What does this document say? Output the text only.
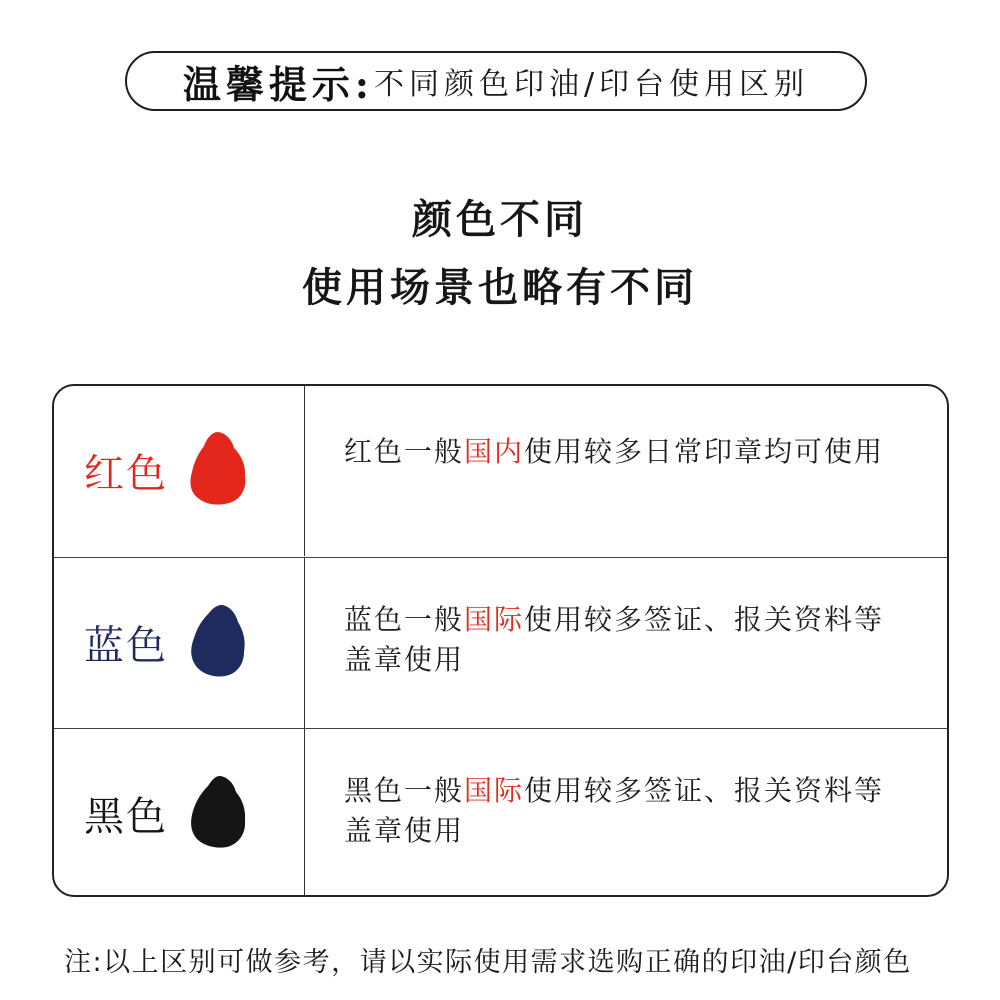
温馨提示: 不同颜色印油/印台使用区别
颜色不同
使用场景也略有不同
红色	红色一般国内使用较多日常印章均可使用
蓝色
蓝色一般国际使用较多签证、报关资料等盖章使用
黑色
黑色一般国际使用较多签证、报关资料等盖章使用
注:以上区别可做参考，请以实际使用需求选购正确的印油/印台颜色
